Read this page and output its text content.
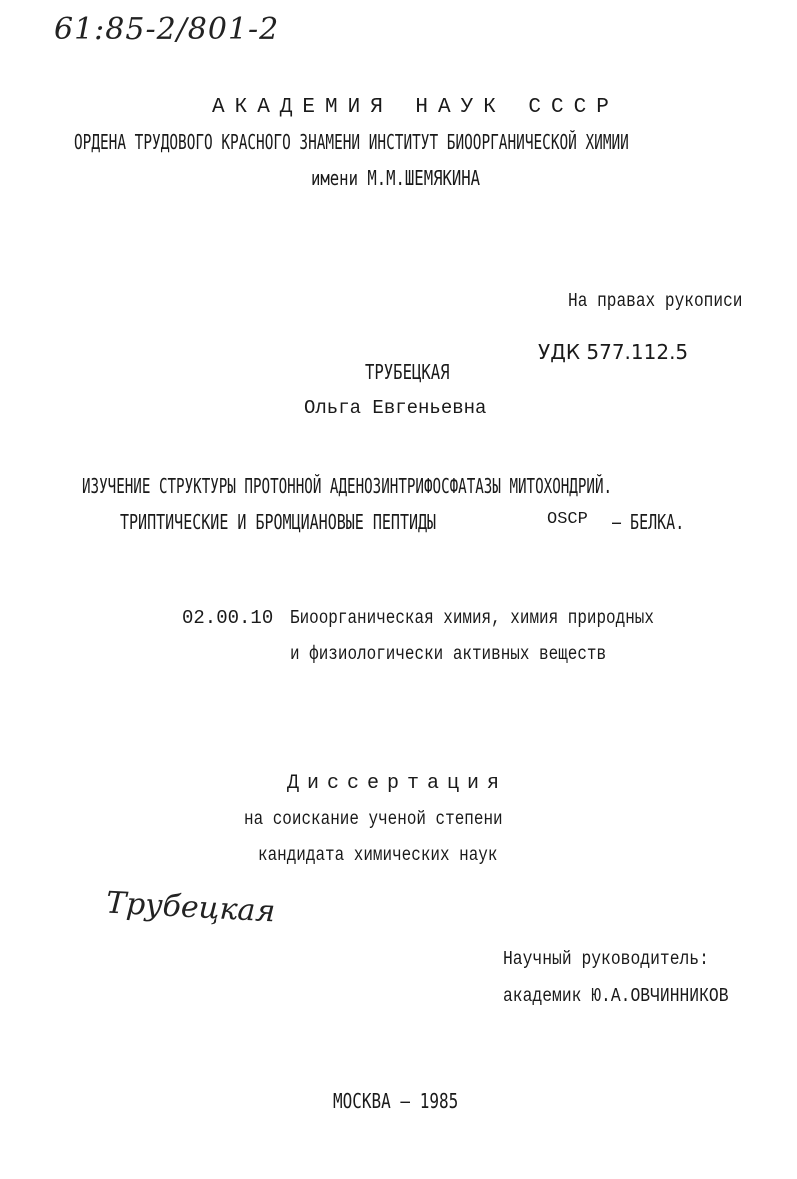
61:85-2/801-2
АКАДЕМИЯ НАУК СССР
ОРДЕНА ТРУДОВОГО КРАСНОГО ЗНАМЕНИ ИНСТИТУТ БИООРГАНИЧЕСКОЙ ХИМИИ
имени М.М.ШЕМЯКИНА
На правах рукописи
УДК 577.112.5
ТРУБЕЦКАЯ
Ольга Евгеньевна
ИЗУЧЕНИЕ СТРУКТУРЫ ПРОТОННОЙ АДЕНОЗИНТРИФОСФАТАЗЫ МИТОХОНДРИЙ.
ТРИПТИЧЕСКИЕ И БРОМЦИАНОВЫЕ ПЕПТИДЫ	OSCP – БЕЛКА.
02.00.10 Биоорганическая химия, химия природных
и физиологически активных веществ
Диссертация
на соискание ученой степени
кандидата химических наук
Трубецкая
Научный руководитель:
академик Ю.А.ОВЧИННИКОВ
МОСКВА – 1985
